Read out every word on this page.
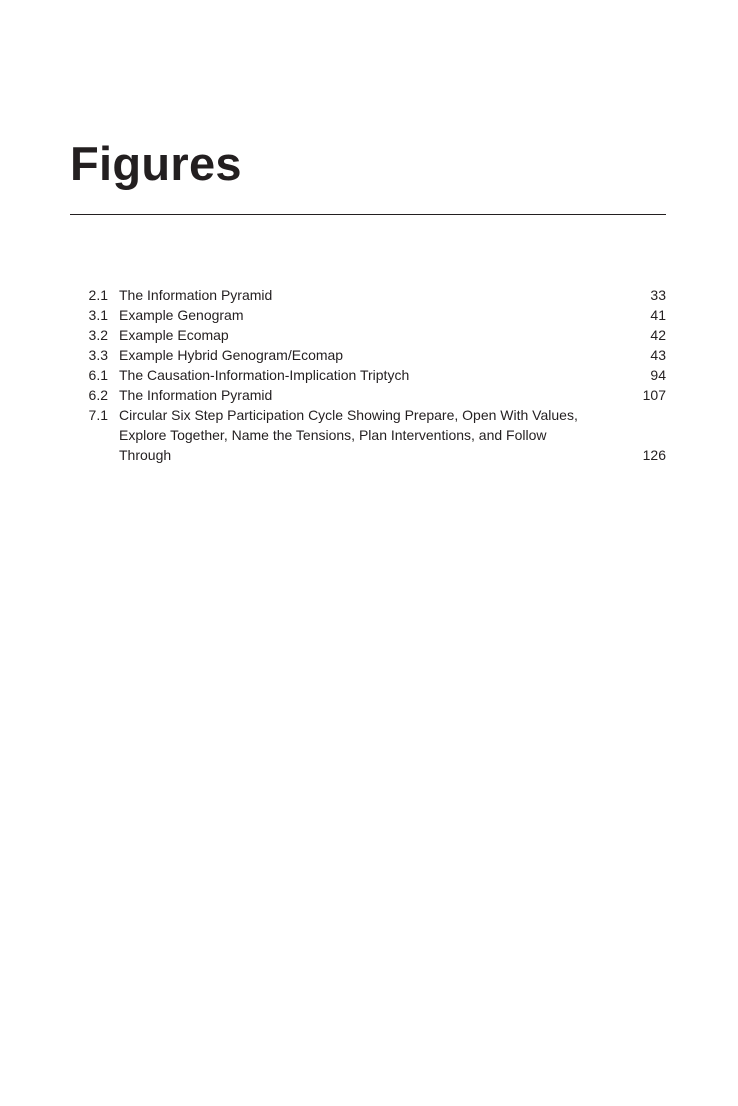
Figures
2.1 The Information Pyramid	33
3.1 Example Genogram	41
3.2 Example Ecomap	42
3.3 Example Hybrid Genogram/Ecomap	43
6.1 The Causation-Information-Implication Triptych	94
6.2 The Information Pyramid	107
7.1 Circular Six Step Participation Cycle Showing Prepare, Open With Values,
Explore Together, Name the Tensions, Plan Interventions, and Follow Through	126
